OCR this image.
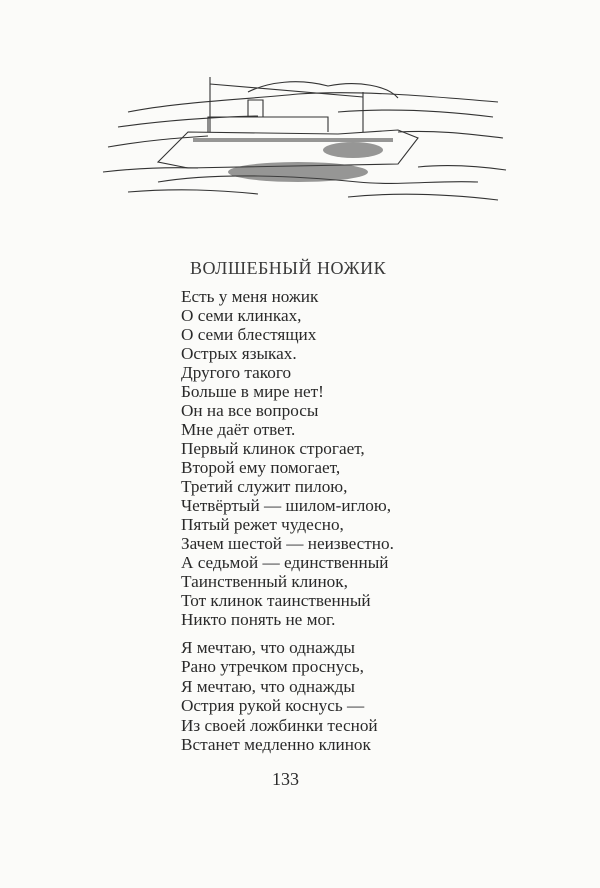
ВОЛШЕБНЫЙ НОЖИК
Есть у меня ножик
О семи клинках,
О семи блестящих
Острых языках.
Другого такого
Больше в мире нет!
Он на все вопросы
Мне даёт ответ.
Первый клинок строгает,
Второй ему помогает,
Третий служит пилою,
Четвёртый — шилом-иглою,
Пятый режет чудесно,
Зачем шестой — неизвестно.
А седьмой — единственный
Таинственный клинок,
Тот клинок таинственный
Никто понять не мог.
Я мечтаю, что однажды
Рано утречком проснусь,
Я мечтаю, что однажды
Острия рукой коснусь —
Из своей ложбинки тесной
Встанет медленно клинок
133
